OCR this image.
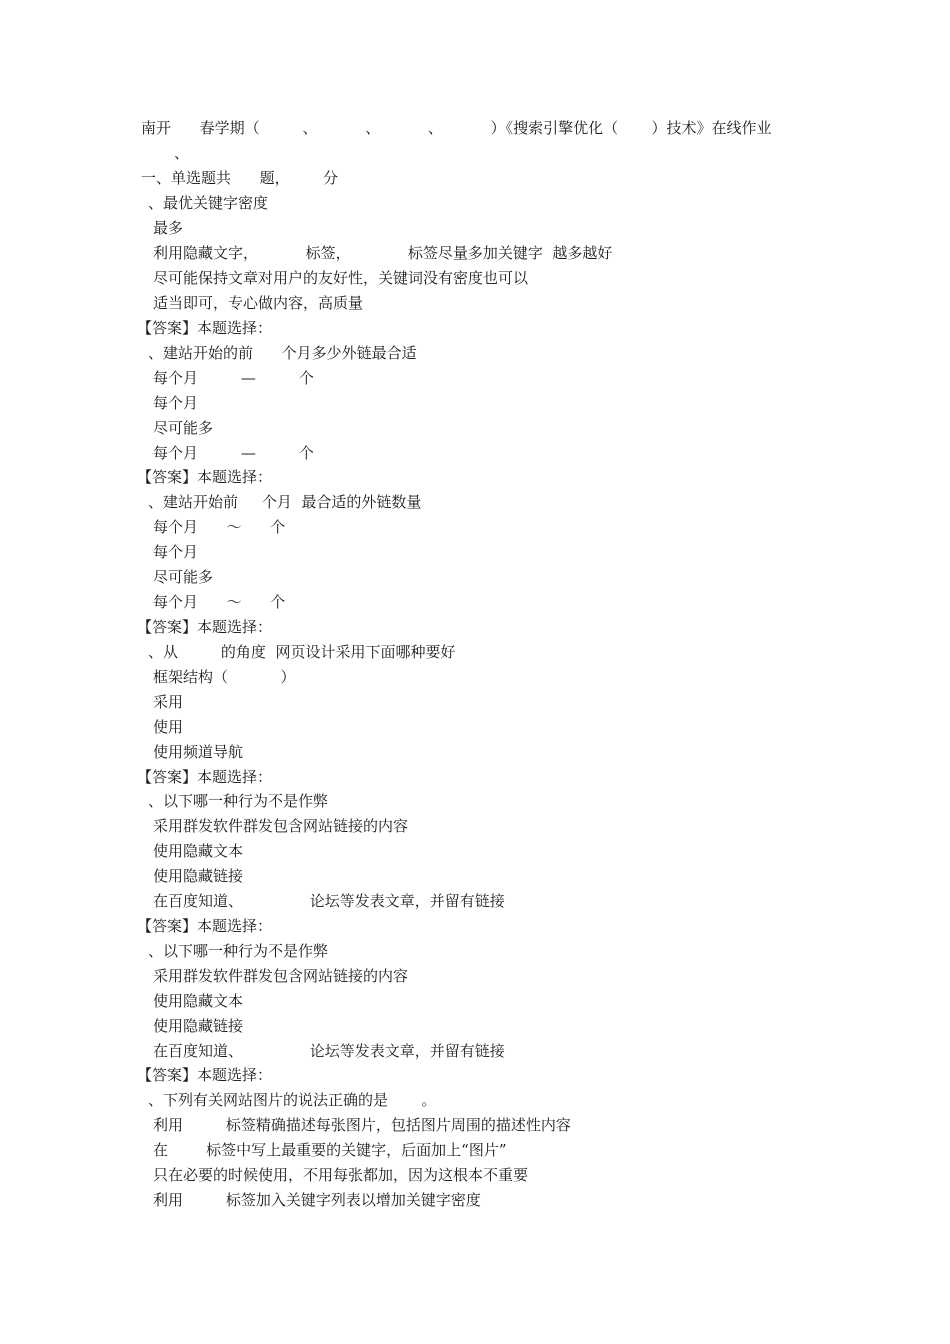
南开      春学期（         、          、          、          ）《搜索引擎优化（       ）技术》在线作业
、
一、单选题共      题，       分
、最优关键字密度
最多
利用隐藏文字，          标签，            标签尽量多加关键字  越多越好
尽可能保持文章对用户的友好性，关键词没有密度也可以
适当即可，专心做内容，高质量
【答案】本题选择：
、建站开始的前      个月多少外链最合适
每个月         —         个
每个月
尽可能多
每个月         —         个
【答案】本题选择：
、建站开始前     个月  最合适的外链数量
每个月      ～      个
每个月
尽可能多
每个月      ～      个
【答案】本题选择：
、从         的角度  网页设计采用下面哪种要好
框架结构（           ）
采用
使用
使用频道导航
【答案】本题选择：
、以下哪一种行为不是作弊
采用群发软件群发包含网站链接的内容
使用隐藏文本
使用隐藏链接
在百度知道、              论坛等发表文章，并留有链接
【答案】本题选择：
、以下哪一种行为不是作弊
采用群发软件群发包含网站链接的内容
使用隐藏文本
使用隐藏链接
在百度知道、              论坛等发表文章，并留有链接
【答案】本题选择：
、下列有关网站图片的说法正确的是       。
利用         标签精确描述每张图片，包括图片周围的描述性内容
在        标签中写上最重要的关键字，后面加上“图片”
只在必要的时候使用，不用每张都加，因为这根本不重要
利用         标签加入关键字列表以增加关键字密度
